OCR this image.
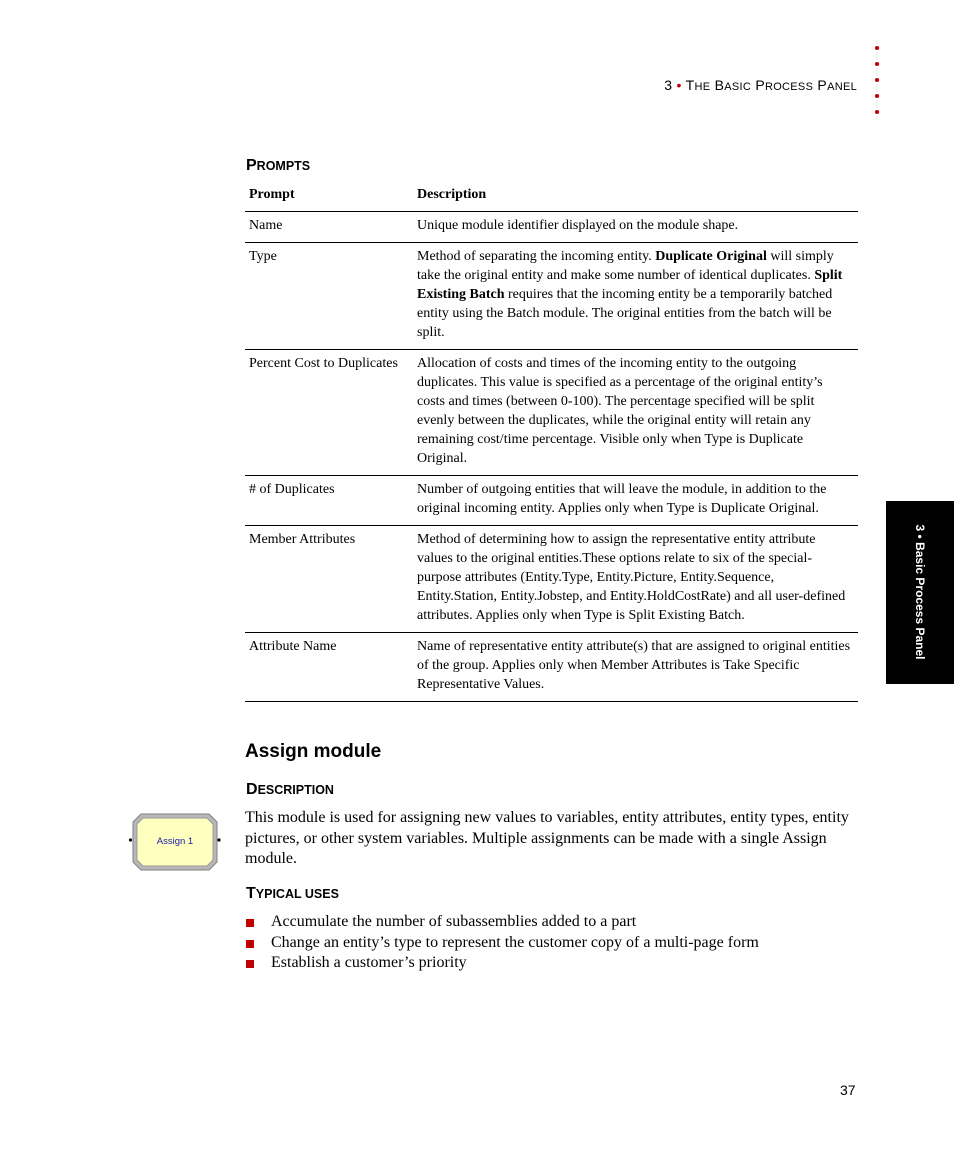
3 • THE BASIC PROCESS PANEL
3 • Basic Process Panel
PROMPTS
Prompt	Description
Name	Unique module identifier displayed on the module shape.
Type	Method of separating the incoming entity. Duplicate Original will simply take the original entity and make some number of identical duplicates. Split Existing Batch requires that the incoming entity be a temporarily batched entity using the Batch module. The original entities from the batch will be split.
Percent Cost to Duplicates	Allocation of costs and times of the incoming entity to the outgoing duplicates. This value is specified as a percentage of the original entity’s costs and times (between 0-100). The percentage specified will be split evenly between the duplicates, while the original entity will retain any remaining cost/time percentage. Visible only when Type is Duplicate Original.
# of Duplicates	Number of outgoing entities that will leave the module, in addition to the original incoming entity. Applies only when Type is Duplicate Original.
Member Attributes	Method of determining how to assign the representative entity attribute values to the original entities.These options relate to six of the special-purpose attributes (Entity.Type, Entity.Picture, Entity.Sequence, Entity.Station, Entity.Jobstep, and Entity.HoldCostRate) and all user-defined attributes. Applies only when Type is Split Existing Batch.
Attribute Name	Name of representative entity attribute(s) that are assigned to original entities of the group. Applies only when Member Attributes is Take Specific Representative Values.
Assign module
DESCRIPTION
Assign 1
This module is used for assigning new values to variables, entity attributes, entity types, entity pictures, or other system variables. Multiple assignments can be made with a single Assign module.
TYPICAL USES
Accumulate the number of subassemblies added to a part
Change an entity’s type to represent the customer copy of a multi-page form
Establish a customer’s priority
37
